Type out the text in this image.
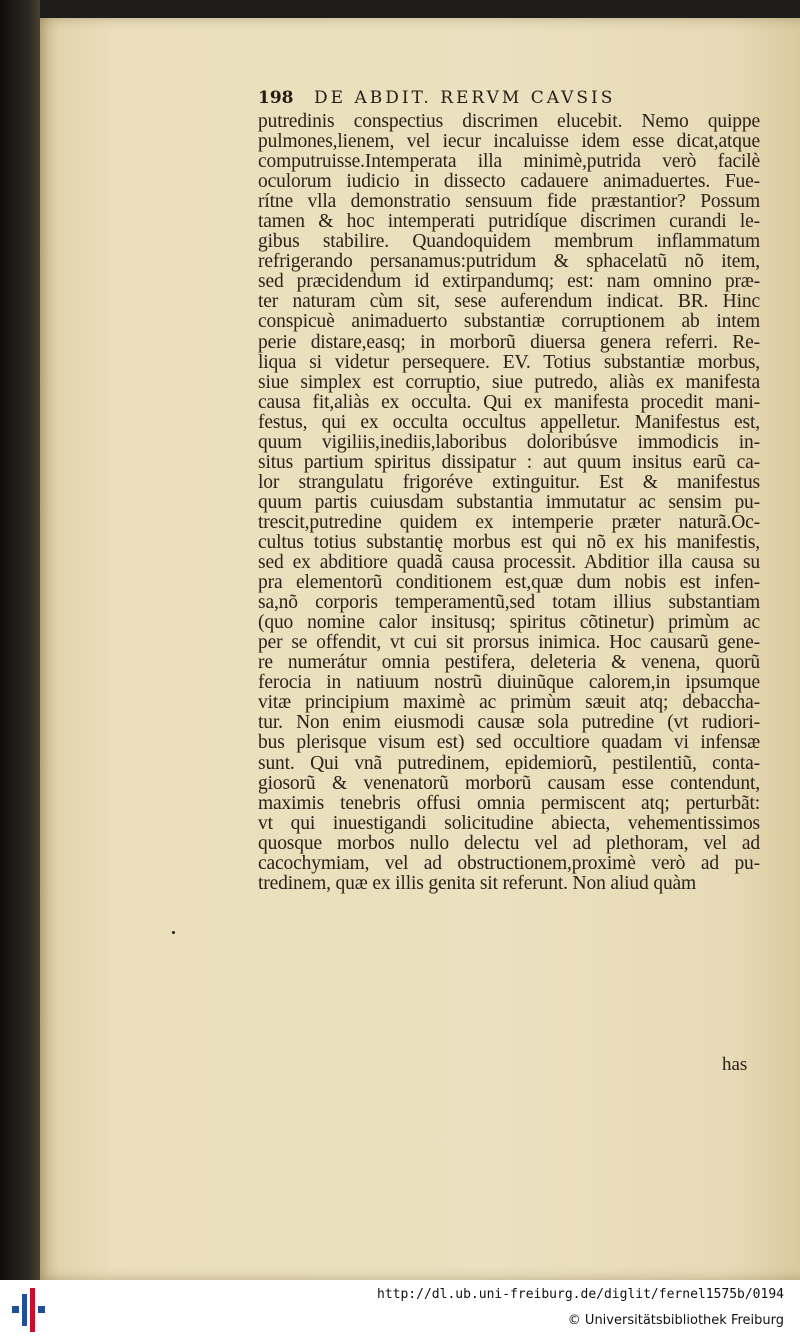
198 DE ABDIT. RERVM CAVSIS
putredinis conspectius discrimen elucebit. Nemo quippe
pulmones,lienem, vel iecur incaluisse idem esse dicat,atque
computruisse.Intemperata illa minimè,putrida verò facilè
oculorum iudicio in dissecto cadauere animaduertes. Fue-
rítne vlla demonstratio sensuum fide præstantior? Possum
tamen & hoc intemperati putridíque discrimen curandi le-
gibus stabilire. Quandoquidem membrum inflammatum
refrigerando persanamus:putridum & sphacelatũ nõ item,
sed præcidendum id extirpandumq; est: nam omnino præ-
ter naturam cùm sit, sese auferendum indicat. BR. Hinc
conspicuè animaduerto substantiæ corruptionem ab intem
perie distare,easq; in morborũ diuersa genera referri. Re-
liqua si videtur persequere. EV. Totius substantiæ morbus,
siue simplex est corruptio, siue putredo, aliàs ex manifesta
causa fit,aliàs ex occulta. Qui ex manifesta procedit mani-
festus, qui ex occulta occultus appelletur. Manifestus est,
quum vigiliis,inediis,laboribus doloribúsve immodicis in-
situs partium spiritus dissipatur : aut quum insitus earũ ca-
lor strangulatu frigoréve extinguitur. Est & manifestus
quum partis cuiusdam substantia immutatur ac sensim pu-
trescit,putredine quidem ex intemperie præter naturã.Oc-
cultus totius substantię morbus est qui nõ ex his manifestis,
sed ex abditiore quadã causa processit. Abditior illa causa su
pra elementorũ conditionem est,quæ dum nobis est infen-
sa,nõ corporis temperamentũ,sed totam illius substantiam
(quo nomine calor insitusq; spiritus cõtinetur) primùm ac
per se offendit, vt cui sit prorsus inimica. Hoc causarũ gene-
re numerátur omnia pestifera, deleteria & venena, quorũ
ferocia in natiuum nostrũ diuinũque calorem,in ipsumque
vitæ principium maximè ac primùm sæuit atq; debaccha-
tur. Non enim eiusmodi causæ sola putredine (vt rudiori-
bus plerisque visum est) sed occultiore quadam vi infensæ
sunt. Qui vnã putredinem, epidemiorũ, pestilentiũ, conta-
giosorũ & venenatorũ morborũ causam esse contendunt,
maximis tenebris offusi omnia permiscent atq; perturbãt:
vt qui inuestigandi solicitudine abiecta, vehementissimos
quosque morbos nullo delectu vel ad plethoram, vel ad
cacochymiam, vel ad obstructionem,proximè verò ad pu-
tredinem, quæ ex illis genita sit referunt. Non aliud quàm
has
http://dl.ub.uni-freiburg.de/diglit/fernel1575b/0194
© Universitätsbibliothek Freiburg
